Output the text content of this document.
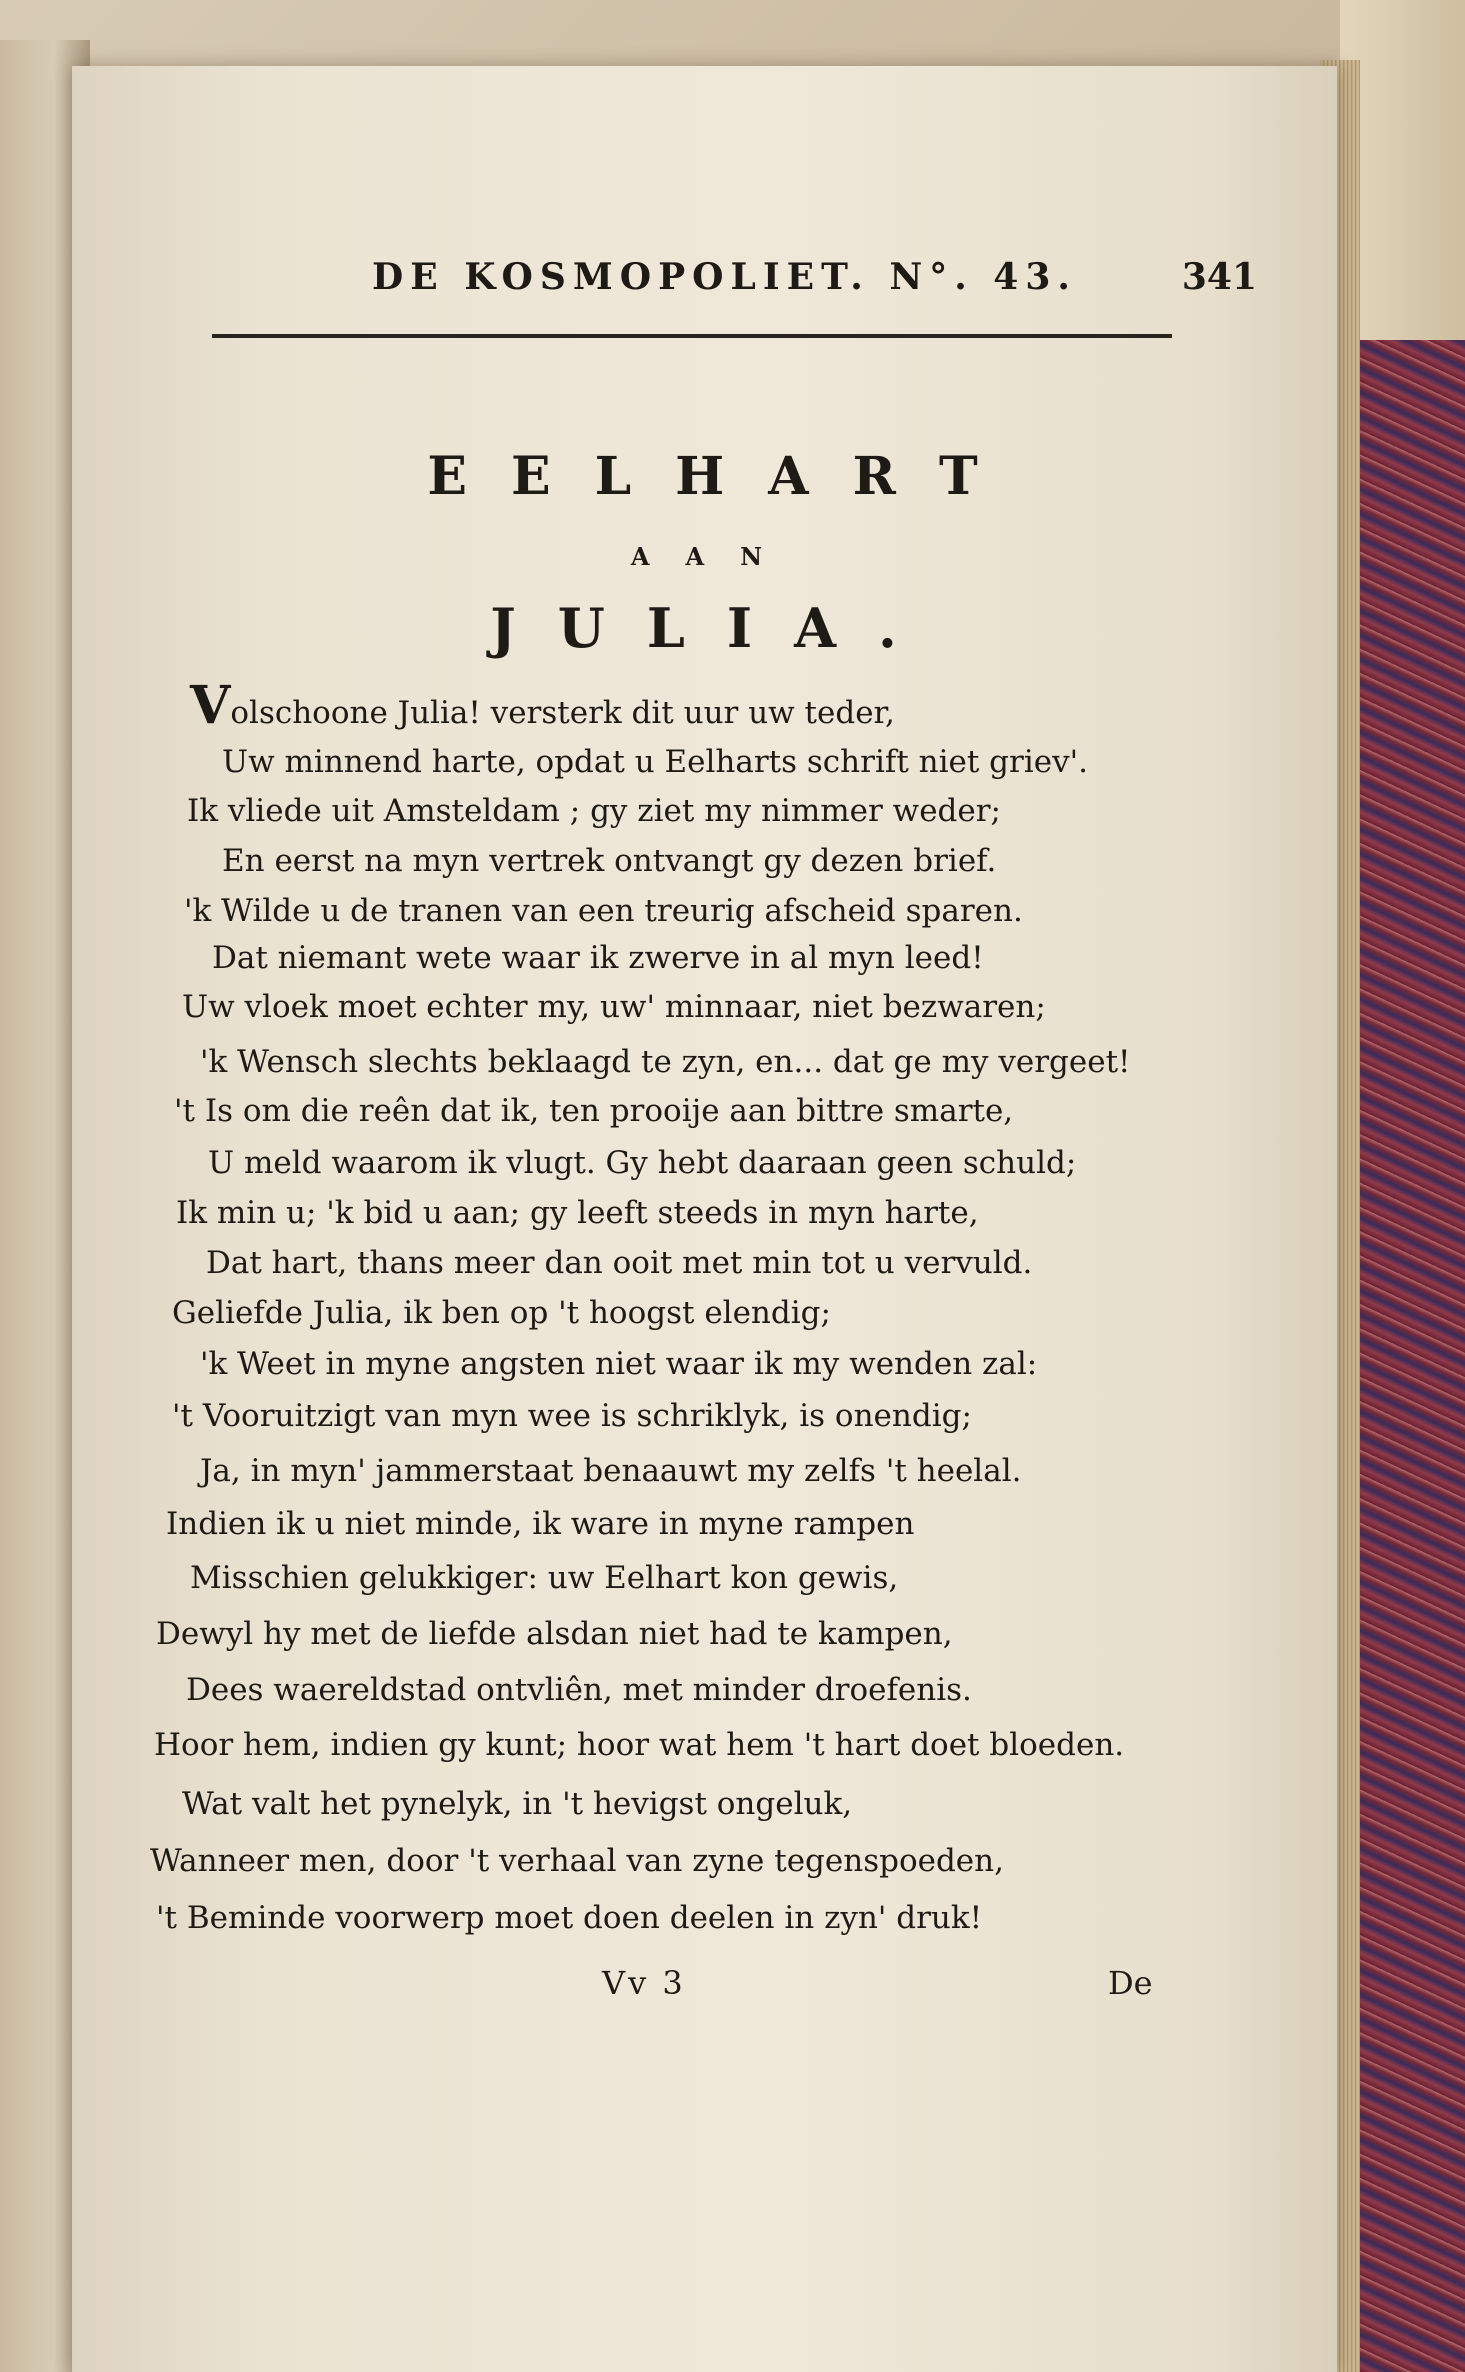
DE KOSMOPOLIET. N°. 43.	341
EELHART
AAN
JULIA.
Volschoone Julia! versterk dit uur uw teder,
Uw minnend harte, opdat u Eelharts schrift niet griev'.
Ik vliede uit Amsteldam ; gy ziet my nimmer weder;
En eerst na myn vertrek ontvangt gy dezen brief.
'k Wilde u de tranen van een treurig afscheid sparen.
Dat niemant wete waar ik zwerve in al myn leed!
Uw vloek moet echter my, uw' minnaar, niet bezwaren;
'k Wensch slechts beklaagd te zyn, en... dat ge my vergeet!
't Is om die reên dat ik, ten prooije aan bittre smarte,
U meld waarom ik vlugt. Gy hebt daaraan geen schuld;
Ik min u; 'k bid u aan; gy leeft steeds in myn harte,
Dat hart, thans meer dan ooit met min tot u vervuld.
Geliefde Julia, ik ben op 't hoogst elendig;
'k Weet in myne angsten niet waar ik my wenden zal:
't Vooruitzigt van myn wee is schriklyk, is onendig;
Ja, in myn' jammerstaat benaauwt my zelfs 't heelal.
Indien ik u niet minde, ik ware in myne rampen
Misschien gelukkiger: uw Eelhart kon gewis,
Dewyl hy met de liefde alsdan niet had te kampen,
Dees waereldstad ontvliên, met minder droefenis.
Hoor hem, indien gy kunt; hoor wat hem 't hart doet bloeden.
Wat valt het pynelyk, in 't hevigst ongeluk,
Wanneer men, door 't verhaal van zyne tegenspoeden,
't Beminde voorwerp moet doen deelen in zyn' druk!
Vv 3	De
